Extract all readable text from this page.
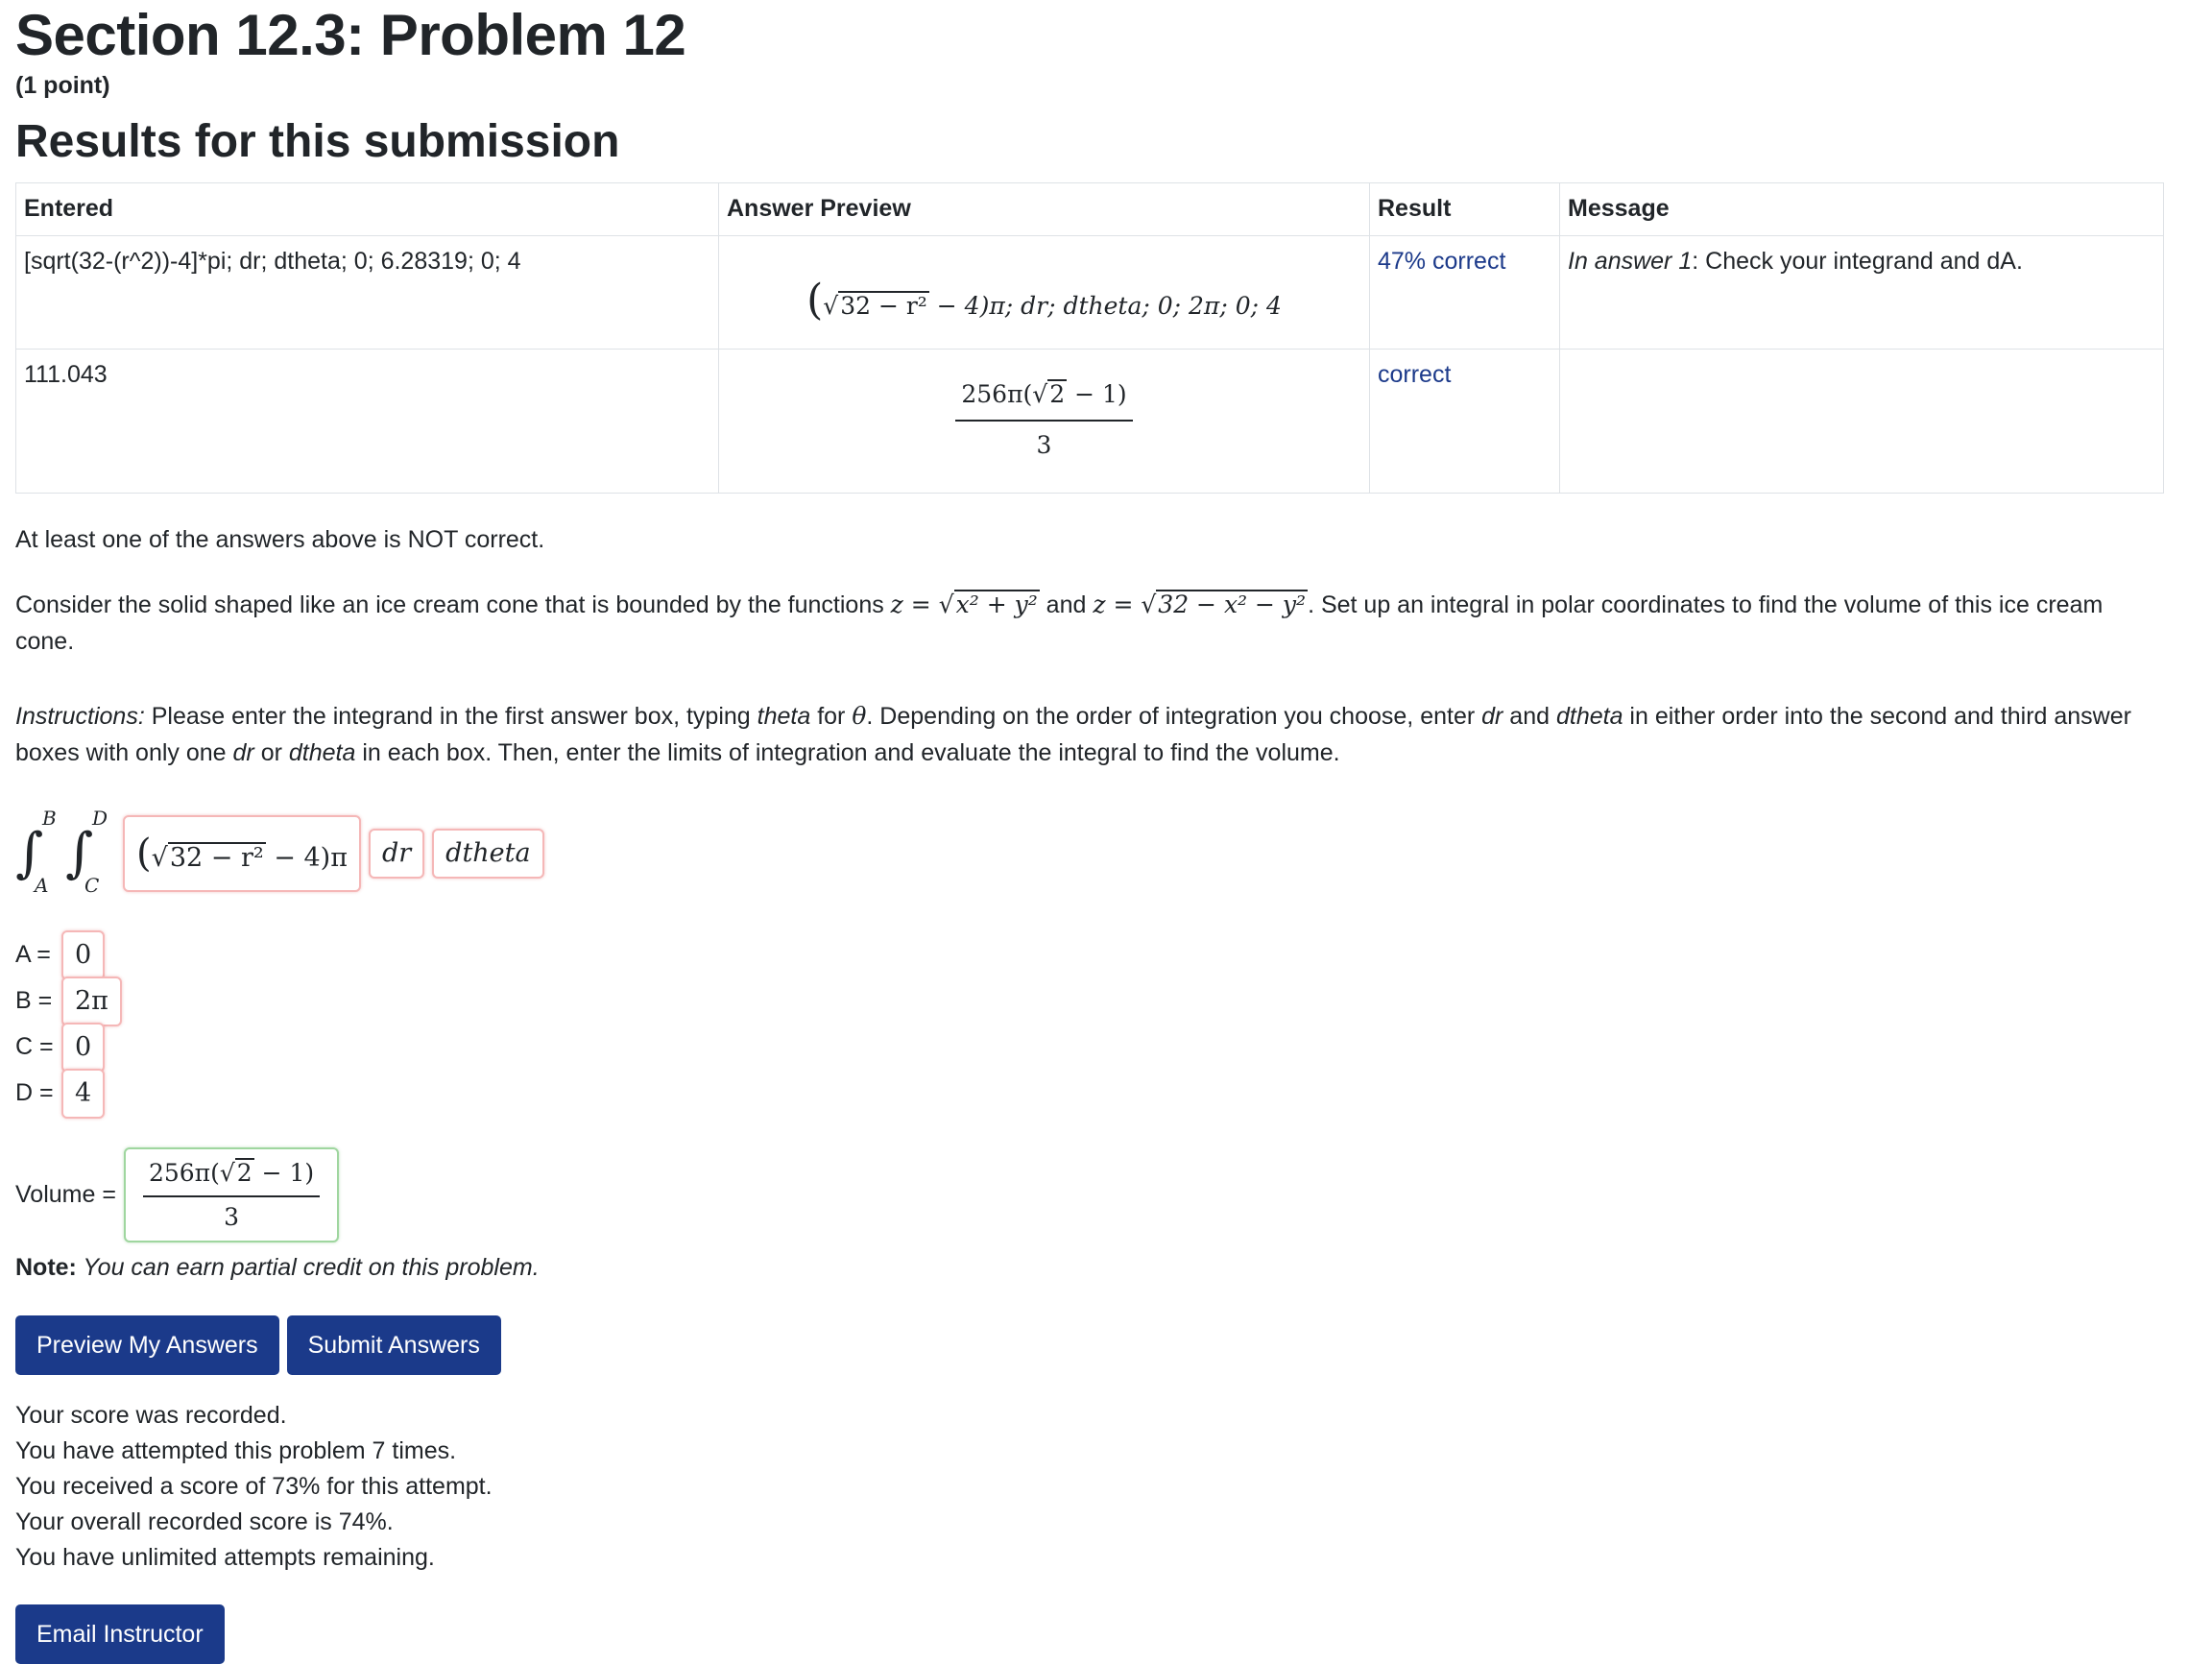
Section 12.3: Problem 12

(1 point)

Results for this submission
Entered	Answer Preview	Result	Message
[sqrt(32-(r^2))-4]*pi; dr; dtheta; 0; 6.28319; 0; 4	(√32 − r² − 4)π; dr; dtheta; 0; 2π; 0; 4	47% correct	In answer 1: Check your integrand and dA.
111.043	$\frac{256\pi(√2 - 1)}{3}$	correct	

At least one of the answers above is NOT correct.

Consider the solid shaped like an ice cream cone that is bounded by the functions z = √x² + y² and z = √32 − x² − y². Set up an integral in polar coordinates to find the volume of this ice cream cone.

Instructions: Please enter the integrand in the first answer box, typing theta for θ. Depending on the order of integration you choose, enter dr and dtheta in either order into the second and third answer boxes with only one dr or dtheta in each box. Then, enter the limits of integration and evaluate the integral to find the volume.

∫
B
A
∫
D
C
(√32 − r² − 4)π	dr	dtheta
A = 0
B = 2π
C = 0
D = 4
Volume = $\frac{256\pi(√2 - 1)}{3}$

Note: You can earn partial credit on this problem.

Preview My Answers Submit Answers
Your score was recorded.
You have attempted this problem 7 times.
You received a score of 73% for this attempt.
Your overall recorded score is 74%.
You have unlimited attempts remaining.
Email Instructor
